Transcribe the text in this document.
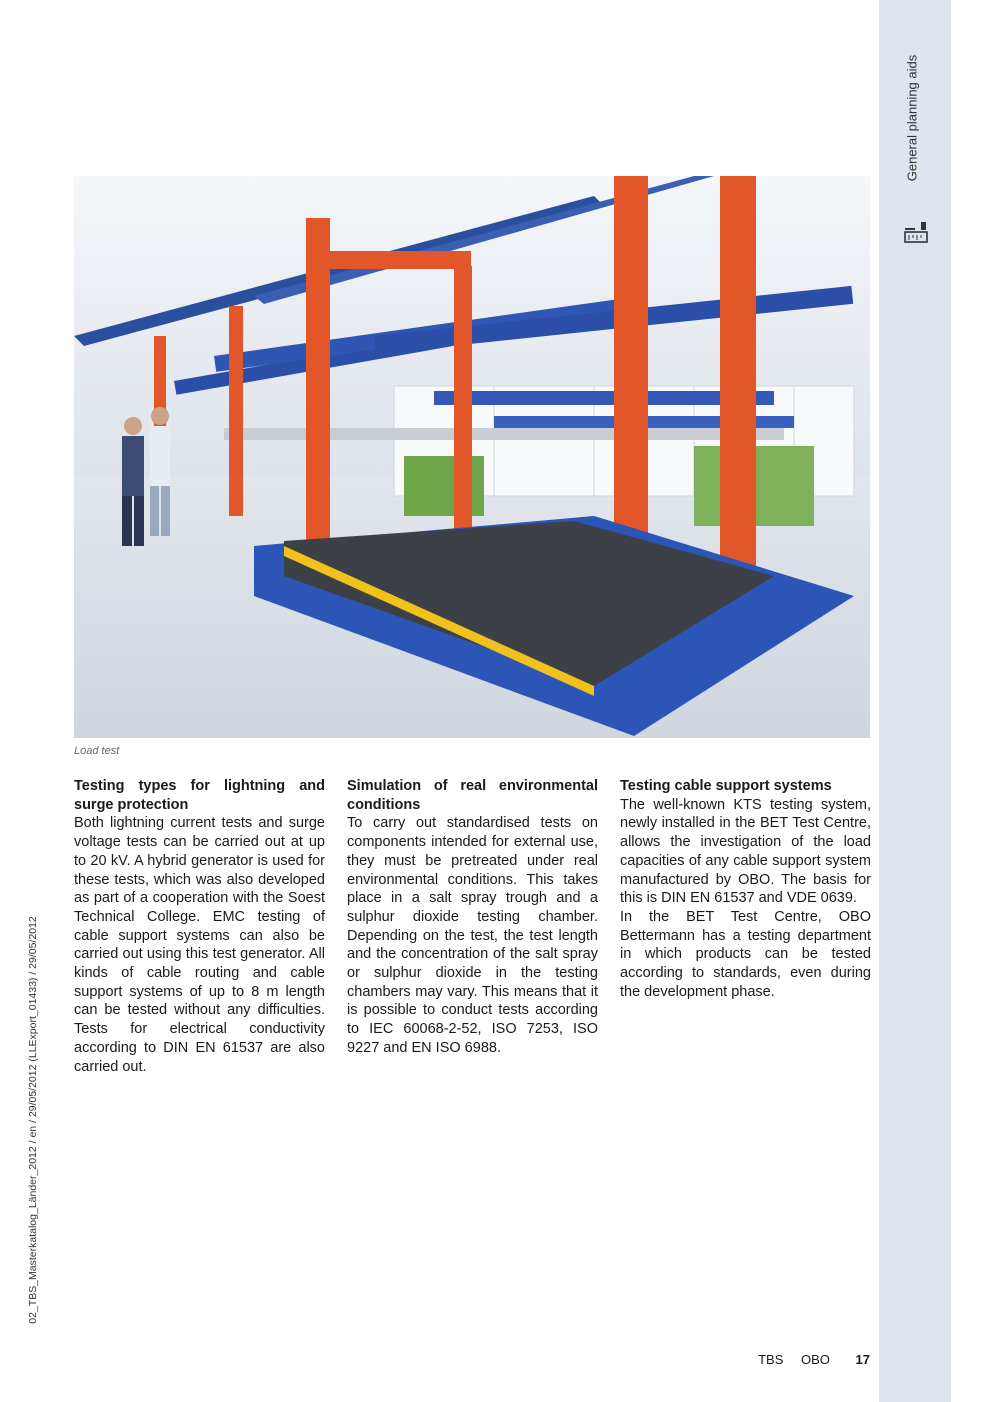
General planning aids
02_TBS_Masterkatalog_Länder_2012 / en / 29/05/2012 (LLExport_01433) / 29/05/2012
Load test
Testing types for lightning and surge protection

Both lightning current tests and surge voltage tests can be carried out at up to 20 kV. A hybrid generator is used for these tests, which was also developed as part of a cooperation with the Soest Technical College. EMC testing of cable support systems can also be carried out using this test generator. All kinds of cable routing and cable support systems of up to 8 m length can be tested without any difficulties. Tests for electrical conductivity according to DIN EN 61537 are also carried out.

Simulation of real environmental conditions

To carry out standardised tests on components intended for external use, they must be pretreated under real environmental conditions. This takes place in a salt spray trough and a sulphur dioxide testing chamber. Depending on the test, the test length and the concentration of the salt spray or sulphur dioxide in the testing chambers may vary. This means that it is possible to conduct tests according to IEC 60068-2-52, ISO 7253, ISO 9227 and EN ISO 6988.

Testing cable support systems

The well-known KTS testing system, newly installed in the BET Test Centre, allows the investigation of the load capacities of any cable support system manufactured by OBO. The basis for this is DIN EN 61537 and VDE 0639.

In the BET Test Centre, OBO Bettermann has a testing department in which products can be tested according to standards, even during the development phase.

TBS OBO 17
